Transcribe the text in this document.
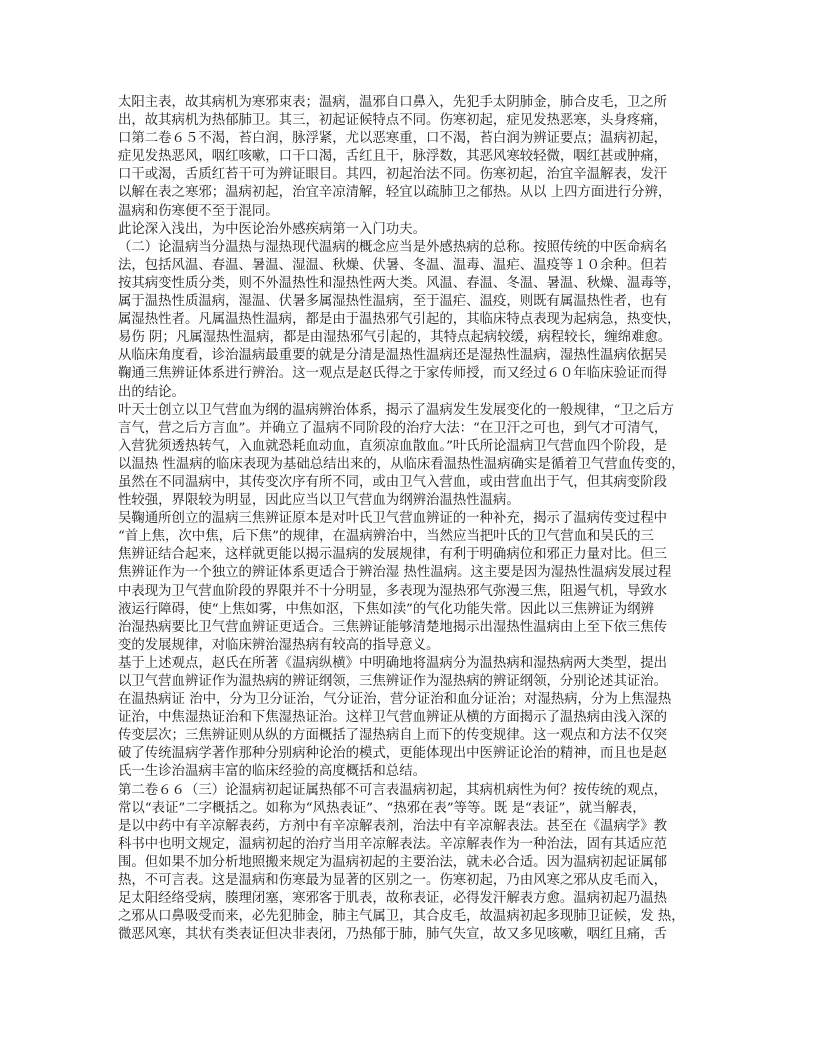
太阳主表，故其病机为寒邪束表；温病，温邪自口鼻入，先犯手太阴肺金，肺合皮毛，卫之所
出，故其病机为热郁肺卫。其三，初起证候特点不同。伤寒初起，症见发热恶寒，头身疼痛，
口第二卷６５不渴，苔白润，脉浮紧，尤以恶寒重，口不渴，苔白润为辨证要点；温病初起，
症见发热恶风，咽红咳嗽，口干口渴，舌红且干，脉浮数，其恶风寒较轻微，咽红甚或肿痛，
口干或渴，舌质红苔干可为辨证眼目。其四，初起治法不同。伤寒初起，治宜辛温解表，发汗
以解在表之寒邪；温病初起，治宜辛凉清解，轻宜以疏肺卫之郁热。从以 上四方面进行分辨，
温病和伤寒便不至于混同。
此论深入浅出，为中医论治外感疾病第一入门功夫。
（二）论温病当分温热与湿热现代温病的概念应当是外感热病的总称。按照传统的中医命病名
法，包括风温、春温、暑温、湿温、秋燥、伏暑、冬温、温毒、温疟、温疫等１０余种。但若
按其病变性质分类，则不外温热性和湿热性两大类。风温、春温、冬温、暑温、秋燥、温毒等，
属于温热性质温病，湿温、伏暑多属湿热性温病，至于温疟、温疫，则既有属温热性者，也有
属湿热性者。凡属温热性温病，都是由于温热邪气引起的，其临床特点表现为起病急，热变快，
易伤 阴；凡属湿热性温病，都是由湿热邪气引起的，其特点起病较缓，病程较长，缠绵难愈。
从临床角度看，诊治温病最重要的就是分清是温热性温病还是湿热性温病，湿热性温病依据吴
鞠通三焦辨证体系进行辨治。这一观点是赵氏得之于家传师授，而又经过６０年临床验证而得
出的结论。
叶天士创立以卫气营血为纲的温病辨治体系，揭示了温病发生发展变化的一般规律，“卫之后方
言气，营之后方言血”。并确立了温病不同阶段的治疗大法：“在卫汗之可也，到气才可清气，
入营犹须透热转气，入血就恐耗血动血，直须凉血散血。”叶氏所论温病卫气营血四个阶段，是
以温热 性温病的临床表现为基础总结出来的，从临床看温热性温病确实是循着卫气营血传变的，
虽然在不同温病中，其传变次序有所不同，或由卫气入营血，或由营血出于气，但其病变阶段
性较强，界限较为明显，因此应当以卫气营血为纲辨治温热性温病。
吴鞠通所创立的温病三焦辨证原本是对叶氏卫气营血辨证的一种补充，揭示了温病传变过程中
“首上焦，次中焦，后下焦”的规律，在温病辨治中，当然应当把叶氏的卫气营血和吴氏的三
焦辨证结合起来，这样就更能以揭示温病的发展规律，有利于明确病位和邪正力量对比。但三
焦辨证作为一个独立的辨证体系更适合于辨治湿 热性温病。这主要是因为湿热性温病发展过程
中表现为卫气营血阶段的界限并不十分明显，多表现为湿热邪气弥漫三焦，阻遏气机，导致水
液运行障碍，使“上焦如雾，中焦如沤，下焦如渎”的气化功能失常。因此以三焦辨证为纲辨
治湿热病要比卫气营血辨证更适合。三焦辨证能够清楚地揭示出湿热性温病由上至下依三焦传
变的发展规律，对临床辨治湿热病有较高的指导意义。
基于上述观点，赵氏在所著《温病纵横》中明确地将温病分为温热病和湿热病两大类型，提出
以卫气营血辨证作为温热病的辨证纲领，三焦辨证作为湿热病的辨证纲领，分别论述其证治。
在温热病证 治中，分为卫分证治，气分证治，营分证治和血分证治；对湿热病，分为上焦湿热
证治，中焦湿热证治和下焦湿热证治。这样卫气营血辨证从横的方面揭示了温热病由浅入深的
传变层次；三焦辨证则从纵的方面概括了湿热病自上而下的传变规律。这一观点和方法不仅突
破了传统温病学著作那种分别病种论治的模式，更能体现出中医辨证论治的精神，而且也是赵
氏一生诊治温病丰富的临床经验的高度概括和总结。
第二卷６６（三）论温病初起证属热郁不可言表温病初起，其病机病性为何？按传统的观点，
常以“表证”二字概括之。如称为“风热表证”、“热邪在表”等等。既 是“表证”，就当解表，
是以中药中有辛凉解表药，方剂中有辛凉解表剂，治法中有辛凉解表法。甚至在《温病学》教
科书中也明文规定，温病初起的治疗当用辛凉解表法。辛凉解表作为一种治法，固有其适应范
围。但如果不加分析地照搬来规定为温病初起的主要治法，就未必合适。因为温病初起证属郁
热，不可言表。这是温病和伤寒最为显著的区别之一。伤寒初起，乃由风寒之邪从皮毛而入，
足太阳经络受病，腠理闭塞，寒邪客于肌表，故称表证，必得发汗解表方愈。温病初起乃温热
之邪从口鼻吸受而来，必先犯肺金，肺主气属卫，其合皮毛，故温病初起多现肺卫证候，发 热，
微恶风寒，其状有类表证但决非表闭，乃热郁于肺，肺气失宣，故又多见咳嗽，咽红且痛，舌
